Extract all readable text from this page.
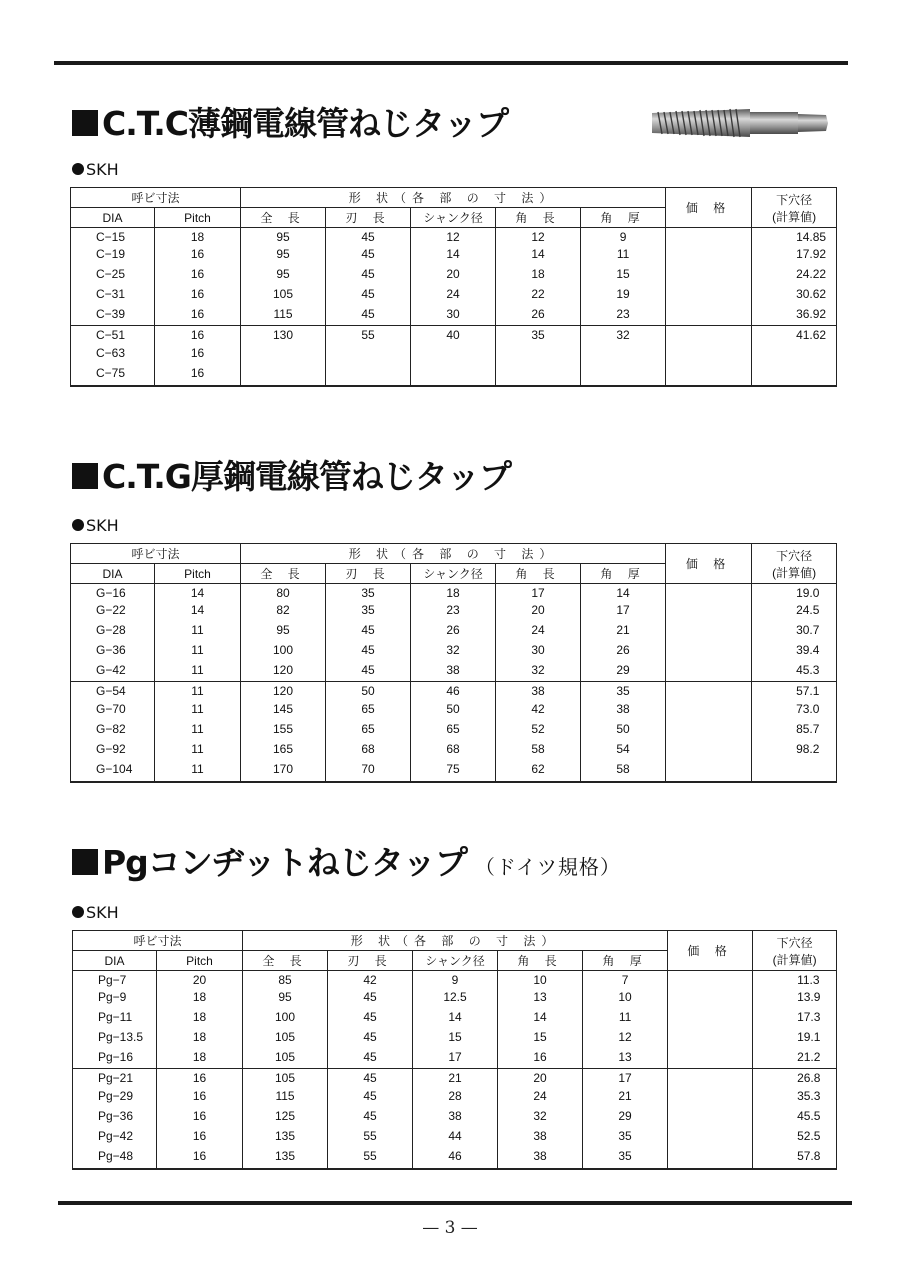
C.T.C薄鋼電線管ねじタップ
SKH
呼ビ寸法		形 状（各 部 の 寸 法）					価 格	下穴径
(計算値)
DIA	Pitch	全 長	刃 長	シャンク径	角 長	角 厚		
C−15	18	95	45	12	12	9		14.85
C−19	16	95	45	14	14	11		17.92
C−25	16	95	45	20	18	15		24.22
C−31	16	105	45	24	22	19		30.62
C−39	16	115	45	30	26	23		36.92
C−51	16	130	55	40	35	32		41.62
C−63	16							
C−75	16							
C.T.G厚鋼電線管ねじタップ
SKH
呼ビ寸法		形 状（各 部 の 寸 法）					価 格	下穴径
(計算値)
DIA	Pitch	全 長	刃 長	シャンク径	角 長	角 厚		
G−16	14	80	35	18	17	14		19.0
G−22	14	82	35	23	20	17		24.5
G−28	11	95	45	26	24	21		30.7
G−36	11	100	45	32	30	26		39.4
G−42	11	120	45	38	32	29		45.3
G−54	11	120	50	46	38	35		57.1
G−70	11	145	65	50	42	38		73.0
G−82	11	155	65	65	52	50		85.7
G−92	11	165	68	68	58	54		98.2
G−104	11	170	70	75	62	58		
Pgコンヂットねじタップ （ドイツ規格）
SKH
呼ビ寸法		形 状（各 部 の 寸 法）					価 格	下穴径
(計算値)
DIA	Pitch	全 長	刃 長	シャンク径	角 長	角 厚		
Pg−7	20	85	42	9	10	7		11.3
Pg−9	18	95	45	12.5	13	10		13.9
Pg−11	18	100	45	14	14	11		17.3
Pg−13.5	18	105	45	15	15	12		19.1
Pg−16	18	105	45	17	16	13		21.2
Pg−21	16	105	45	21	20	17		26.8
Pg−29	16	115	45	28	24	21		35.3
Pg−36	16	125	45	38	32	29		45.5
Pg−42	16	135	55	44	38	35		52.5
Pg−48	16	135	55	46	38	35		57.8
— 3 —
